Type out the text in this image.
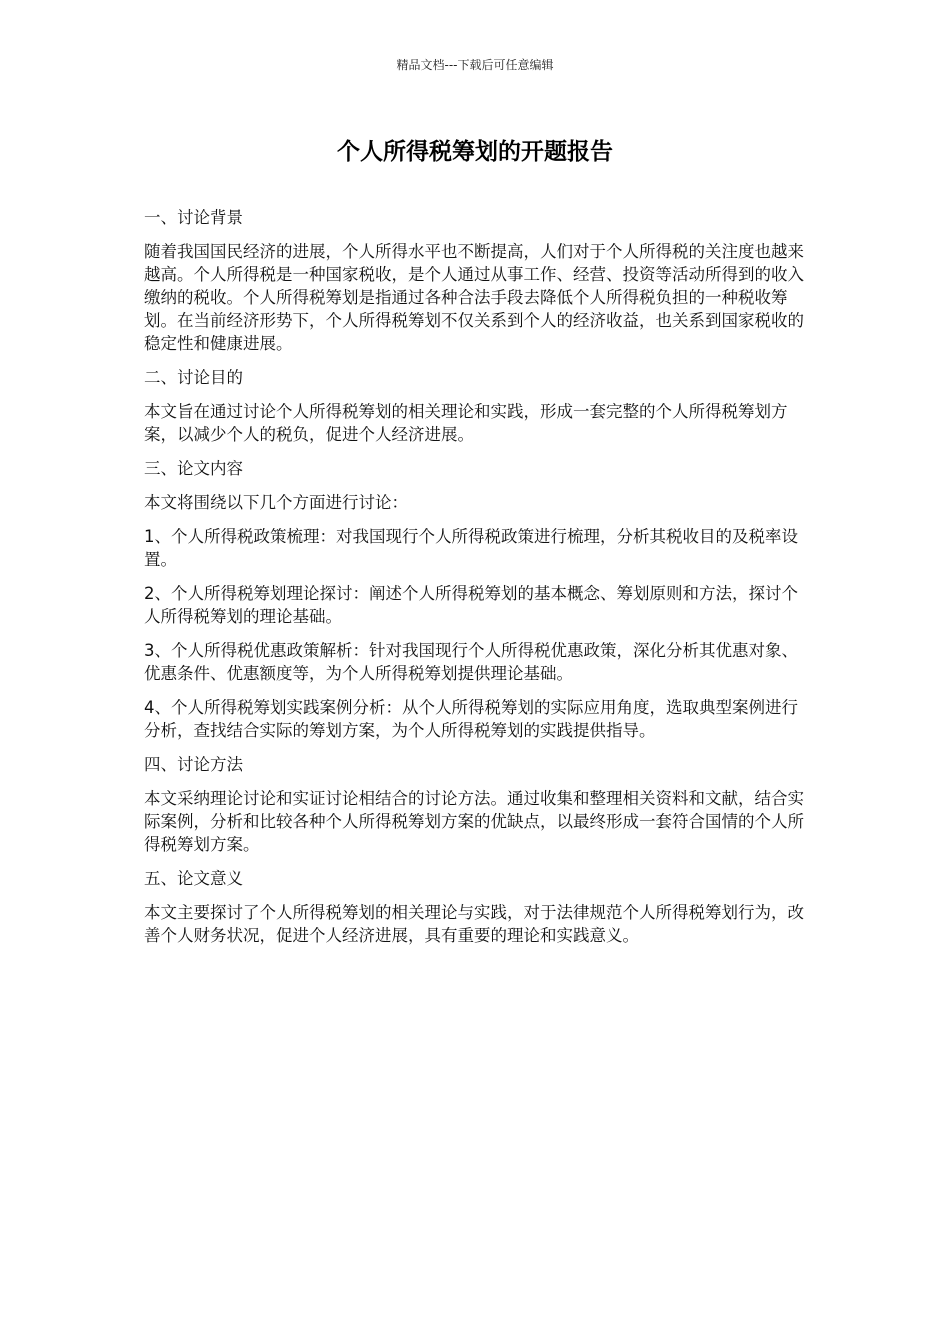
精品文档---下载后可任意编辑
个人所得税筹划的开题报告
一、讨论背景
随着我国国民经济的进展，个人所得水平也不断提高，人们对于个人所得税的关注度也越来越高。个人所得税是一种国家税收，是个人通过从事工作、经营、投资等活动所得到的收入缴纳的税收。个人所得税筹划是指通过各种合法手段去降低个人所得税负担的一种税收筹划。在当前经济形势下，个人所得税筹划不仅关系到个人的经济收益，也关系到国家税收的稳定性和健康进展。
二、讨论目的
本文旨在通过讨论个人所得税筹划的相关理论和实践，形成一套完整的个人所得税筹划方案，以减少个人的税负，促进个人经济进展。
三、论文内容
本文将围绕以下几个方面进行讨论：
1、个人所得税政策梳理：对我国现行个人所得税政策进行梳理，分析其税收目的及税率设置。
2、个人所得税筹划理论探讨：阐述个人所得税筹划的基本概念、筹划原则和方法，探讨个人所得税筹划的理论基础。
3、个人所得税优惠政策解析：针对我国现行个人所得税优惠政策，深化分析其优惠对象、优惠条件、优惠额度等，为个人所得税筹划提供理论基础。
4、个人所得税筹划实践案例分析：从个人所得税筹划的实际应用角度，选取典型案例进行分析，查找结合实际的筹划方案，为个人所得税筹划的实践提供指导。
四、讨论方法
本文采纳理论讨论和实证讨论相结合的讨论方法。通过收集和整理相关资料和文献，结合实际案例，分析和比较各种个人所得税筹划方案的优缺点，以最终形成一套符合国情的个人所得税筹划方案。
五、论文意义
本文主要探讨了个人所得税筹划的相关理论与实践，对于法律规范个人所得税筹划行为，改善个人财务状况，促进个人经济进展，具有重要的理论和实践意义。
